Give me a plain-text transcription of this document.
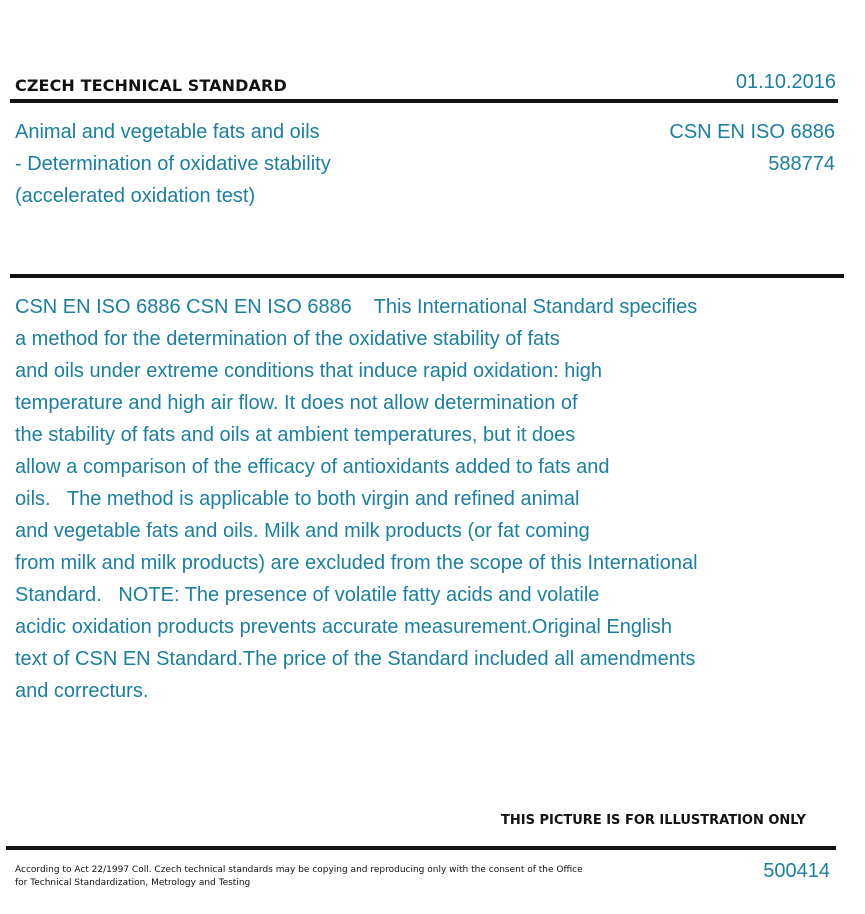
CZECH TECHNICAL STANDARD	01.10.2016
Animal and vegetable fats and oils
- Determination of oxidative stability
(accelerated oxidation test)
CSN EN ISO 6886
588774
CSN EN ISO 6886 CSN EN ISO 6886    This International Standard specifies
a method for the determination of the oxidative stability of fats
and oils under extreme conditions that induce rapid oxidation: high
temperature and high air flow. It does not allow determination of
the stability of fats and oils at ambient temperatures, but it does
allow a comparison of the efficacy of antioxidants added to fats and
oils.   The method is applicable to both virgin and refined animal
and vegetable fats and oils. Milk and milk products (or fat coming
from milk and milk products) are excluded from the scope of this International
Standard.   NOTE: The presence of volatile fatty acids and volatile
acidic oxidation products prevents accurate measurement.Original English
text of CSN EN Standard.The price of the Standard included all amendments
and correcturs.
THIS PICTURE IS FOR ILLUSTRATION ONLY
According to Act 22/1997 Coll. Czech technical standards may be copying and reproducing only with the consent of the Office
for Technical Standardization, Metrology and Testing
500414
